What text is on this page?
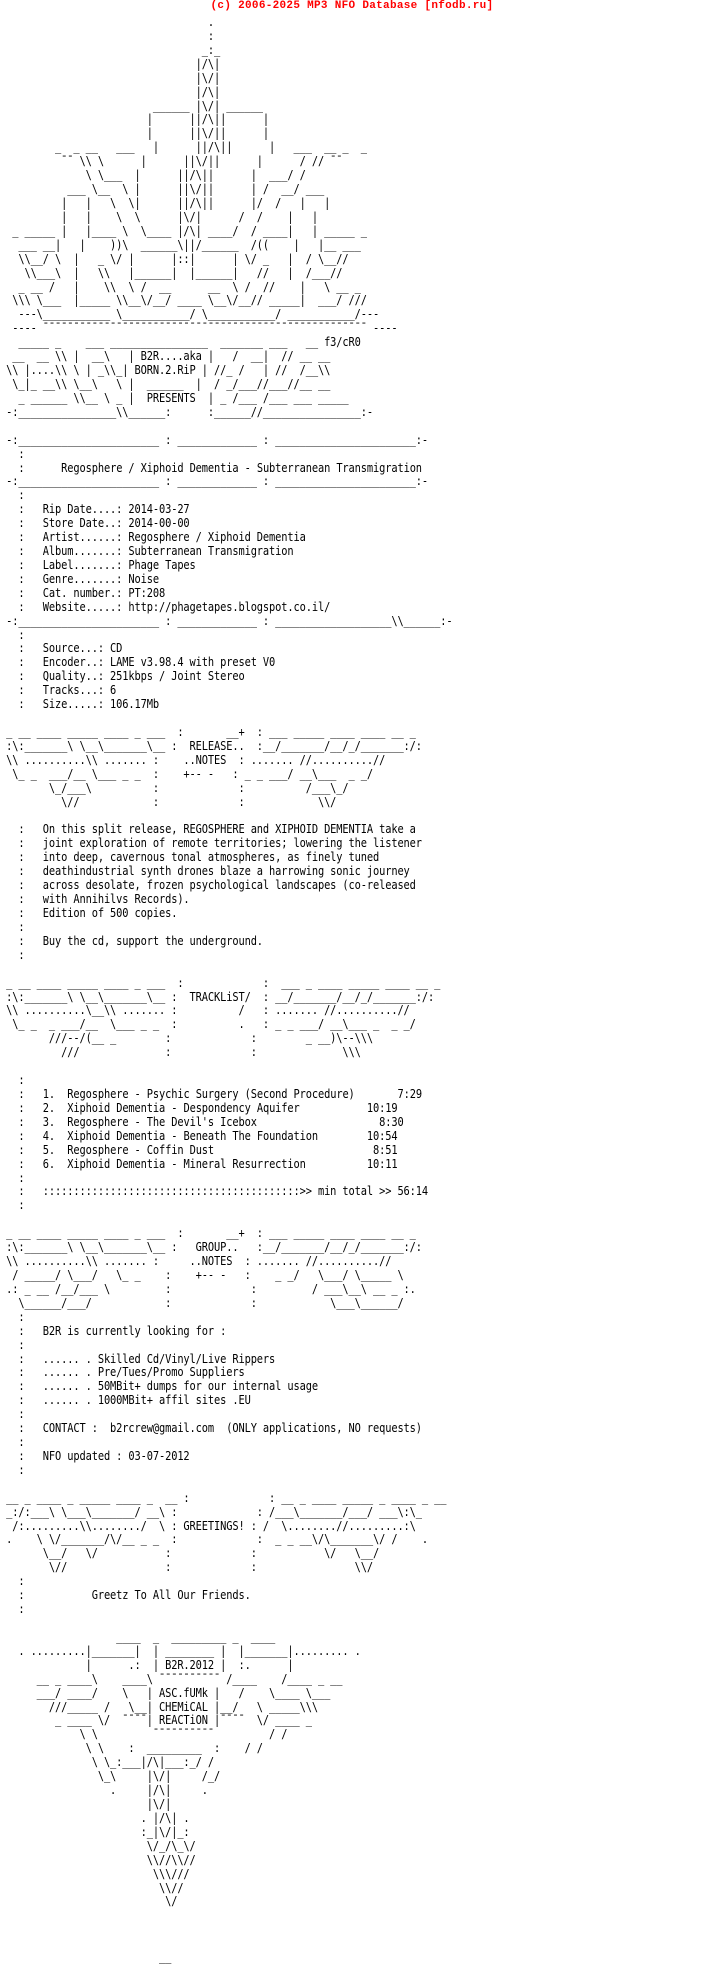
(c) 2006-2025 MP3 NFO Database [nfodb.ru]
.
:
_:_
|/\|
|\/|
|/\|
______ |\/| ______
|      ||/\||      |
|      ||\/||      |
_  _ __   ___   |      ||/\||      |   ___  __ _  _
¯¯ \\ \      |      ||\/||      |      / // ¯¯
\ \___  |      ||/\||      |  ___/ /
___ \__  \ |      ||\/||      | /  __/ ___
|   |   \  \|      ||/\||      |/  /   |   |
|   |    \  \      |\/|      /  /    |   |
_ _____ |   |____ \  \____ |/\| ____/  / ____|   | _____ _
___ __|   |    ))\  ______\||/______  /((    |   |__ ___
\\__/ \  |   _ \/ |      |::|      | \/ _   |  / \__//
\\___\  |   \\   |______|  |______|   //   |  /___//
_ __ /   |    \\  \ /  __      __  \ /  //    |   \ __ _
\\\ \___  |_____ \\__\/__/ ____ \__\/__// _____|  ___/ ///
---\___________ \___________/ \___________/ ___________/---
---- ¯¯¯¯¯¯¯¯¯¯¯¯¯¯¯¯¯¯¯¯¯¯¯¯¯¯¯¯¯¯¯¯¯¯¯¯¯¯¯¯¯¯¯¯¯¯¯¯¯¯¯¯¯ ----
_____ _    ___ ________________  _______ ___   __ f3/cR0
__  __ \\ |  __\   | B2R....aka |   /  __|  // __ __
\\ |....\\ \ | _\\_| BORN.2.RiP | //_ /   | //  /__\\
\_|_ __\\ \__\   \ |  ______  |  / _/___//___//__ __
_ ______ \\__ \ _ |  PRESENTS  | _ /___ /___ ___ _____
-:________________\\______:      :______//________________:-

-:_______________________ : _____________ : _______________________:-
:
:	Regosphere / Xiphoid Dementia - Subterranean Transmigration
-:_______________________ : _____________ : _______________________:-
:
:   Rip Date....: 2014-03-27
:   Store Date..: 2014-00-00
:   Artist......: Regosphere / Xiphoid Dementia
:   Album.......: Subterranean Transmigration
:   Label.......: Phage Tapes
:   Genre.......: Noise
:   Cat. number.: PT:208
:   Website.....: http://phagetapes.blogspot.co.il/
-:_______________________ : _____________ : ___________________\\______:-
:
:   Source...: CD
:   Encoder..: LAME v3.98.4 with preset V0
:   Quality..: 251kbps / Joint Stereo
:   Tracks...: 6
:   Size.....: 106.17Mb

_ __ ____ _____ ____ _ ___  :       __+  : ___ _____ ____ ____ __ _
:\:_______\ \__\_______\__ :  RELEASE..  :__/_______/__/_/_______:/:
\\ ..........\\ ....... :    ..NOTES  : ....... //..........//
\_ _  ___/__ \___ _ _  :    +-- -   : _ _ ___/ __\___  _ _/
\_/___\          :             :          /___\_/
\//            :             :            \\/

:   On this split release, REGOSPHERE and XIPHOID DEMENTIA take a
:   joint exploration of remote territories; lowering the listener
:   into deep, cavernous tonal atmospheres, as finely tuned
:   deathindustrial synth drones blaze a harrowing sonic journey
:   across desolate, frozen psychological landscapes (co-released
:   with Annihilvs Records).
:   Edition of 500 copies.
:
:   Buy the cd, support the underground.
:

_ __ ____ _____ ____ _ ___  :             :  ___ _ ____ _____ ____ __ _
:\:_______\ \__\_______\__ :  TRACKLiST/  : __/_______/__/_/_______:/:
\\ ..........\__\\ ....... :          /   : ....... //..........//
\_ _  _ ___/__  \___ _ _  :          .   : _ _ ___/ __\___ _  _ _/
///--/(__ _        :             :        _ __)\--\\\
///              :             :              \\\

:
:   1. Regosphere - Psychic Surgery (Second Procedure)	7:29
:   2. Xiphoid Dementia - Despondency Aquifer	10:19
:   3. Regosphere - The Devil's Icebox	8:30
:   4. Xiphoid Dementia - Beneath The Foundation	10:54
:   5. Regosphere - Coffin Dust	8:51
:   6. Xiphoid Dementia - Mineral Resurrection	10:11
:
:   ::::::::::::::::::::::::::::::::::::::::::>> min total >> 56:14
:

_ __ ____ _____ ____ _ ___  :       __+  : ___ _____ ____ ____ __ _
:\:_______\ \__\_______\__ :   GROUP..   :__/_______/__/_/_______:/:
\\ ..........\\ ....... :     ..NOTES  : ....... //..........//
/ _____/ \___/   \_ _    :    +-- -   :    _ _/   \___/ \_____ \
.: _ __ /__/___ \         :             :         / ___\__\ __ _ :.
\______/___/            :             :            \___\______/
:
:   B2R is currently looking for :
:
:   ...... . Skilled Cd/Vinyl/Live Rippers
:   ...... . Pre/Tues/Promo Suppliers
:   ...... . 50MBit+ dumps for our internal usage
:   ...... . 1000MBit+ affil sites .EU
:
:   CONTACT :  b2rcrew@gmail.com  (ONLY applications, NO requests)
:
:   NFO updated : 03-07-2012
:

__ _ ____ _ _____ ____ _  __ :             : __ _ ____ _____ _ ____ _ __
_:/:___\ \___\_______/ __\ :             : /___\_______/___/ ___\:\_
/:.........\\......../  \ : GREETINGS! : /  \........//.........:\
.    \ \/_______/\/__ _ _  :             :  _ _ __\/\_______\/ /    .
\__/   \/           :             :           \/   \__/
\//                :             :                \\/
:
:           Greetz To All Our Friends.
:

____  _  _________ _  ____
. .........|_______|  | ________ |  |_______|......... .
|      .:  | B2R.2012 |  :.      |
__ _ ____\    ____\ ¯¯¯¯¯¯¯¯¯¯ /____    /____ _ __
___/ ____/    \   | ASC.fUMk |   /    \____ \___
///_____ /   \__| CHEMiCAL |__/   \ _____\\\
_ ____ \/  ¯¯¯¯| REACTiON |¯¯¯¯  \/ ____ _
\ \         ¯¯¯¯¯¯¯¯¯¯         / /
\ \    :  _________  :    / /
\ \_:___|/\|___:_/ /
\_\     |\/|     /_/
.     |/\|     .
|\/|
. |/\| .
:_|\/|_:
\/_/\_\/
\\//\\//
\\\///
\\//
\/

__
